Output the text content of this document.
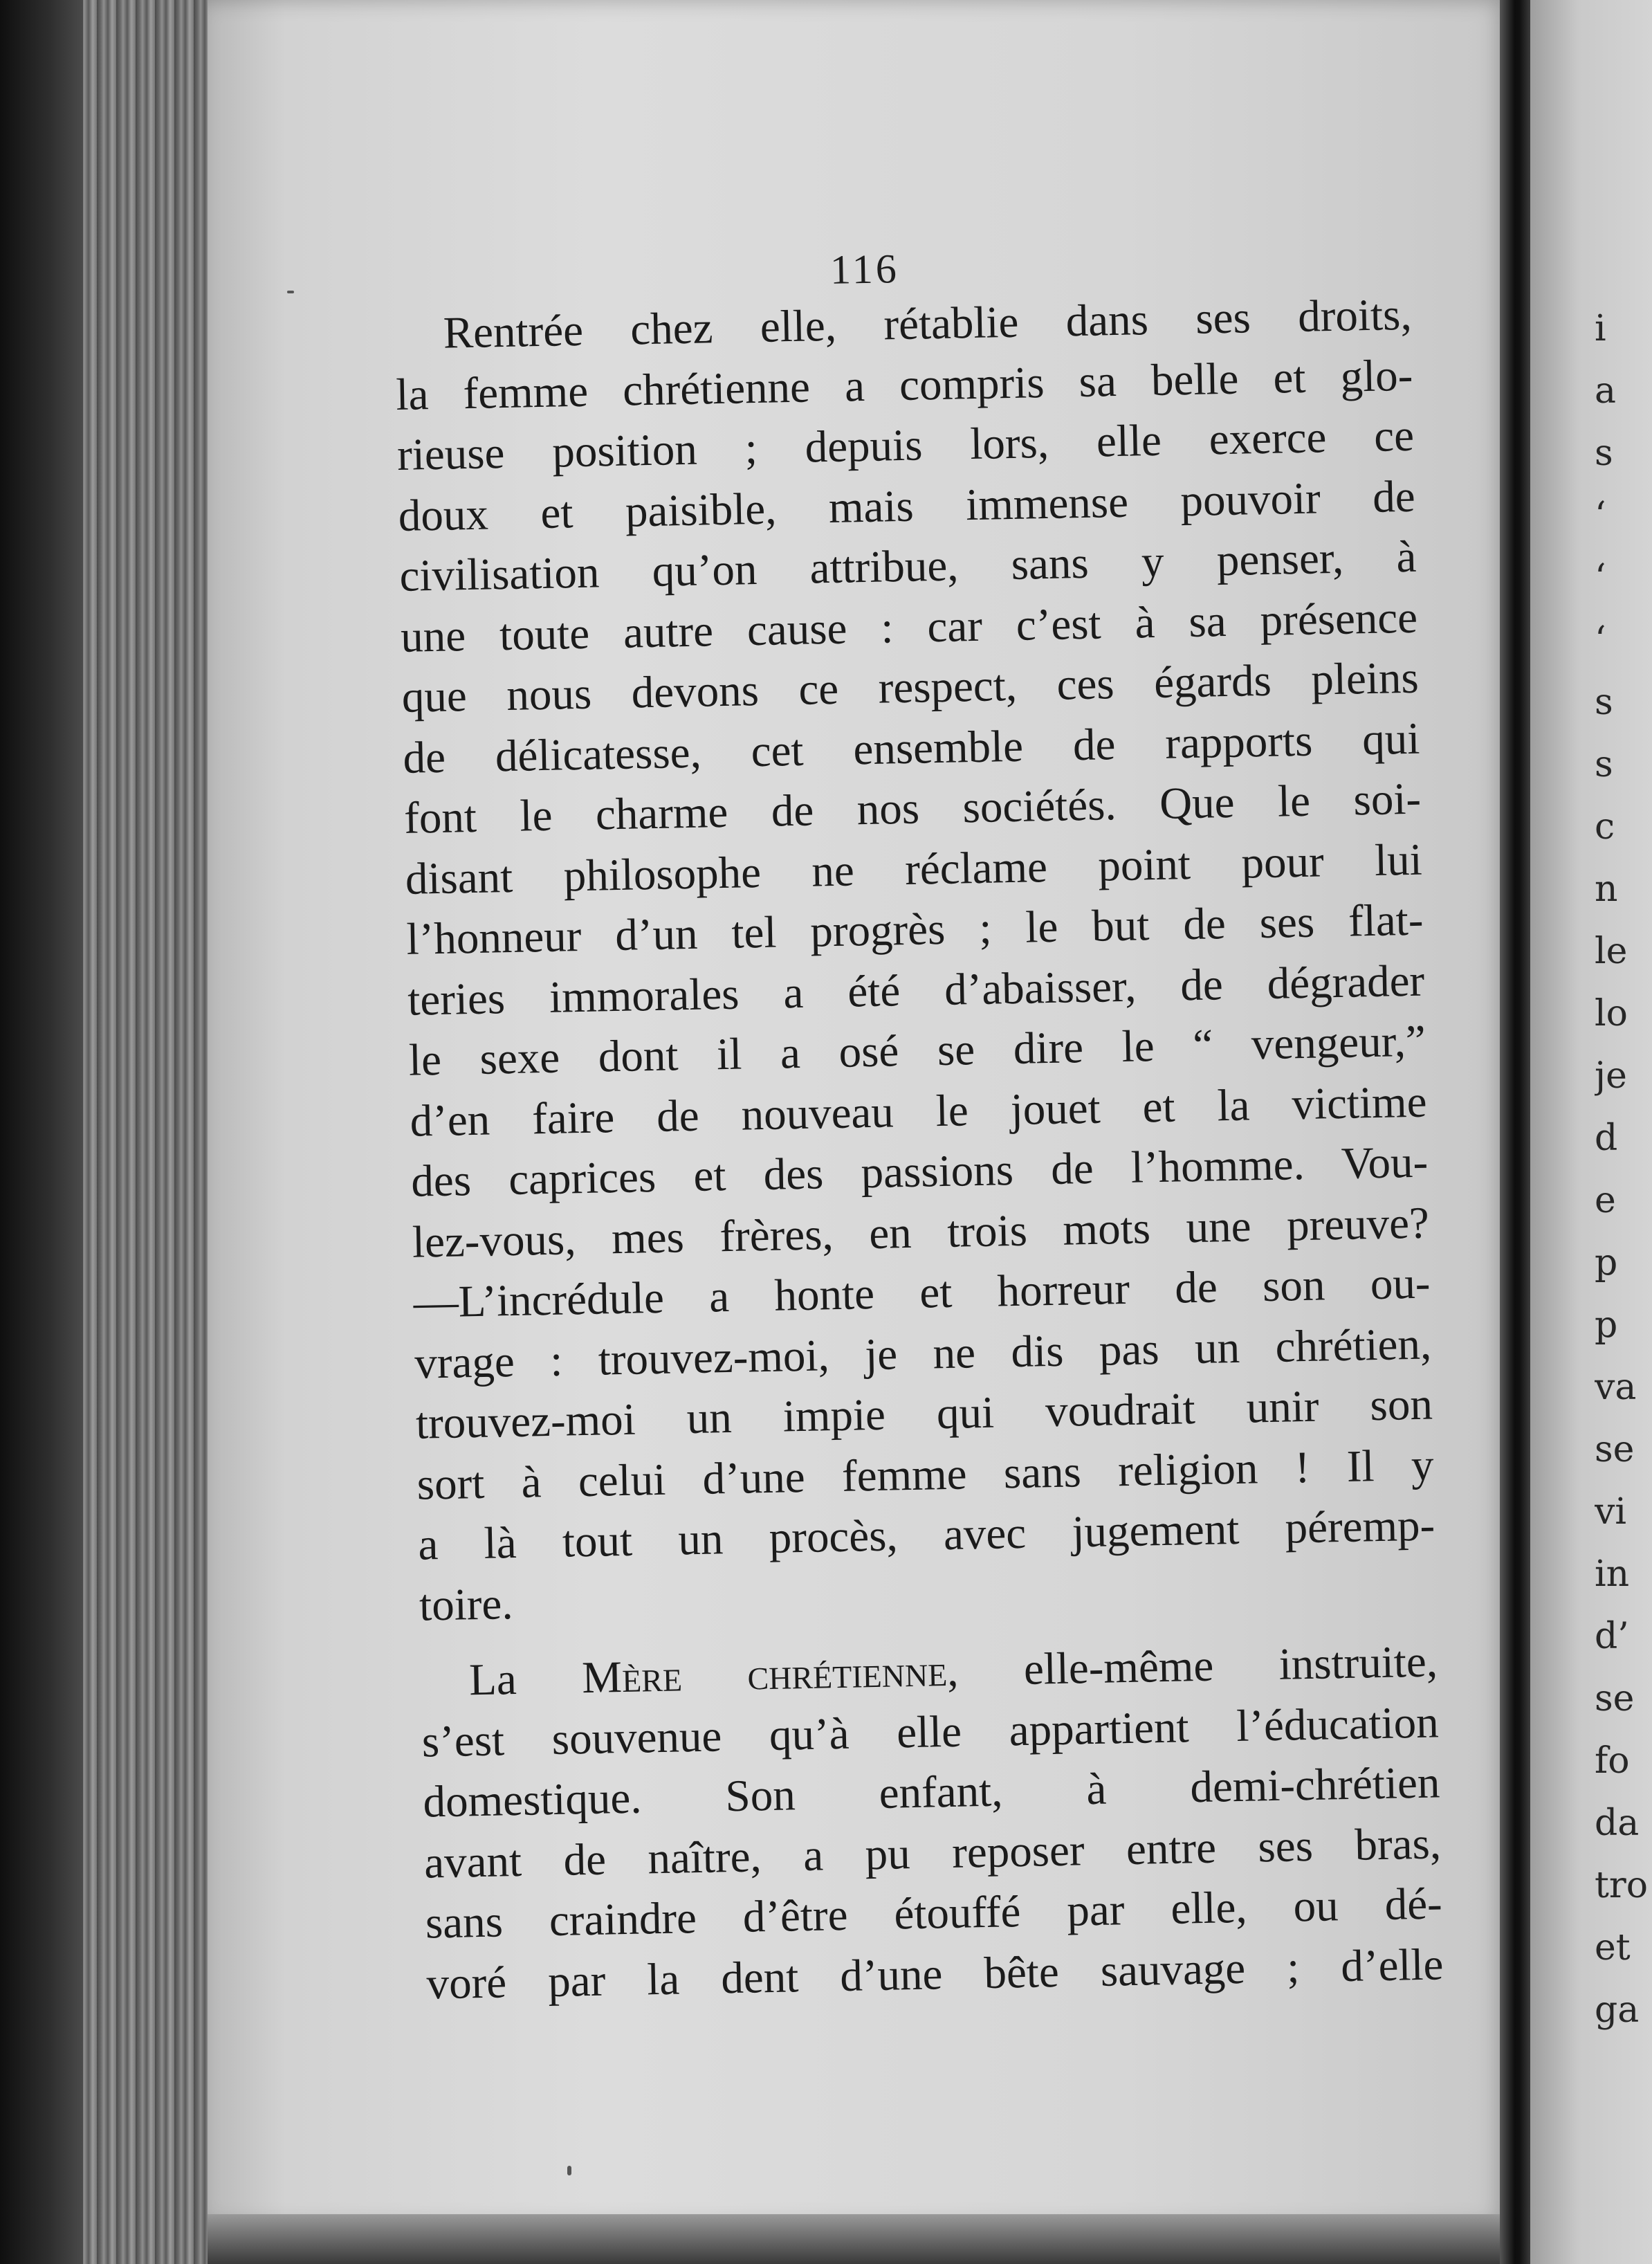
i
a
s
‘
‘
‘
s
s
c
n
le
lo
je
d
e
p
p
va
se
vi
in
d’
se
fo
da
tro
et
ga
116
Rentrée chez elle, rétablie dans ses droits,
la femme chrétienne a compris sa belle et glo-
rieuse position ; depuis lors, elle exerce ce
doux et paisible, mais immense pouvoir de
civilisation qu’on attribue, sans y penser, à
une toute autre cause : car c’est à sa présence
que nous devons ce respect, ces égards pleins
de délicatesse, cet ensemble de rapports qui
font le charme de nos sociétés. Que le soi-
disant philosophe ne réclame point pour lui
l’honneur d’un tel progrès ; le but de ses flat-
teries immorales a été d’abaisser, de dégrader
le sexe dont il a osé se dire le “ vengeur,”
d’en faire de nouveau le jouet et la victime
des caprices et des passions de l’homme. Vou-
lez-vous, mes frères, en trois mots une preuve?
—L’incrédule a honte et horreur de son ou-
vrage : trouvez-moi, je ne dis pas un chrétien,
trouvez-moi un impie qui voudrait unir son
sort à celui d’une femme sans religion ! Il y
a là tout un procès, avec jugement péremp-
toire.
La Mère chrétienne, elle-même instruite,
s’est souvenue qu’à elle appartient l’éducation
domestique. Son enfant, à demi-chrétien
avant de naître, a pu reposer entre ses bras,
sans craindre d’être étouffé par elle, ou dé-
voré par la dent d’une bête sauvage ; d’elle
